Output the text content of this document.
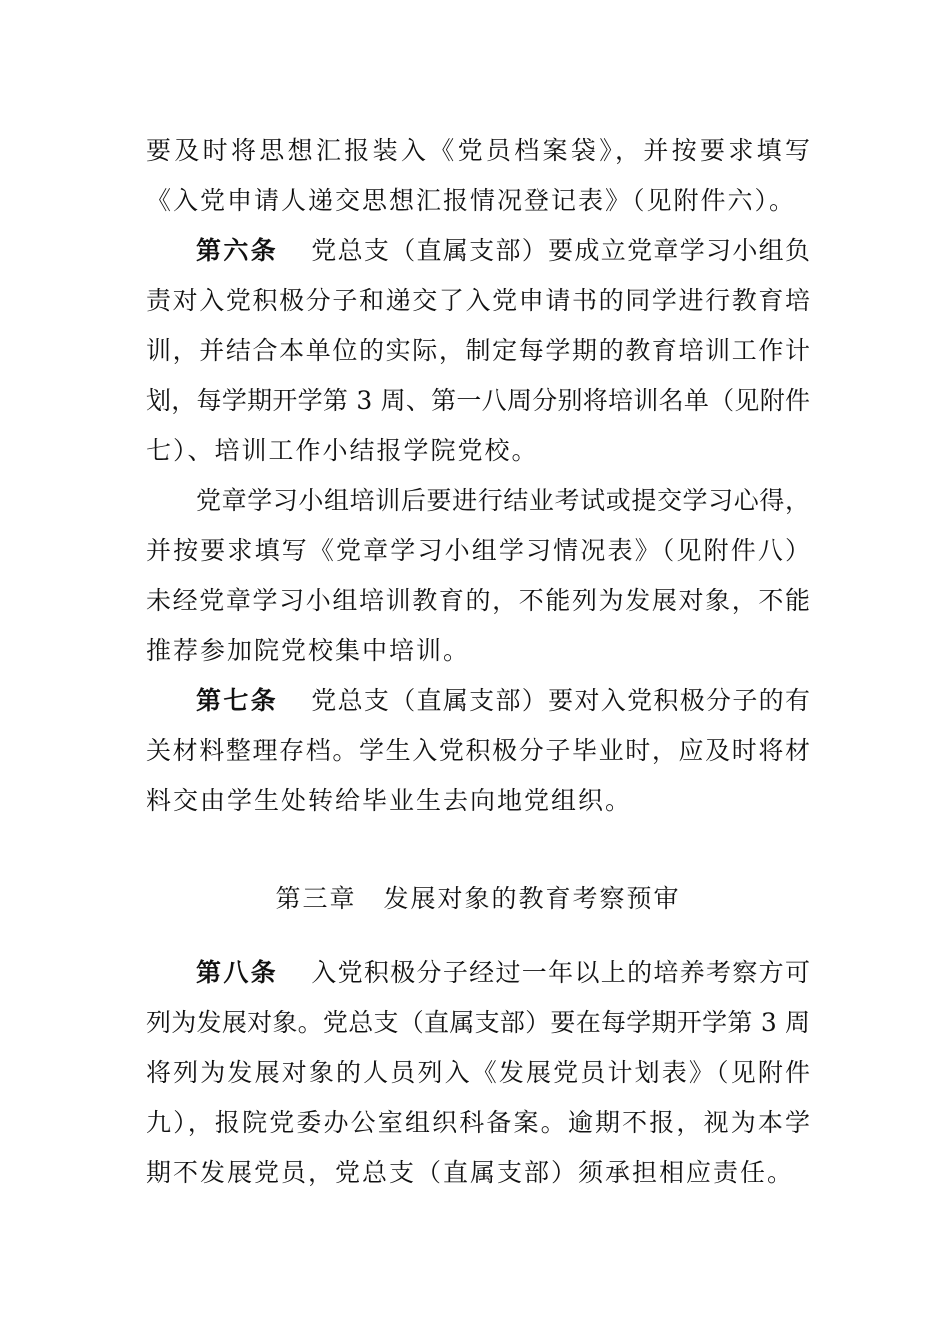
要及时将思想汇报装入《党员档案袋》，并按要求填写
《入党申请人递交思想汇报情况登记表》（见附件六）。
第六条 党总支（直属支部）要成立党章学习小组负
责对入党积极分子和递交了入党申请书的同学进行教育培
训，并结合本单位的实际，制定每学期的教育培训工作计
划，每学期开学第 3 周、第一八周分别将培训名单（见附件
七）、培训工作小结报学院党校。
党章学习小组培训后要进行结业考试或提交学习心得，
并按要求填写《党章学习小组学习情况表》（见附件八）
未经党章学习小组培训教育的，不能列为发展对象，不能
推荐参加院党校集中培训。
第七条 党总支（直属支部）要对入党积极分子的有
关材料整理存档。学生入党积极分子毕业时，应及时将材
料交由学生处转给毕业生去向地党组织。
第三章　发展对象的教育考察预审
第八条 入党积极分子经过一年以上的培养考察方可
列为发展对象。党总支（直属支部）要在每学期开学第 3 周
将列为发展对象的人员列入《发展党员计划表》（见附件
九），报院党委办公室组织科备案。逾期不报，视为本学
期不发展党员，党总支（直属支部）须承担相应责任。
